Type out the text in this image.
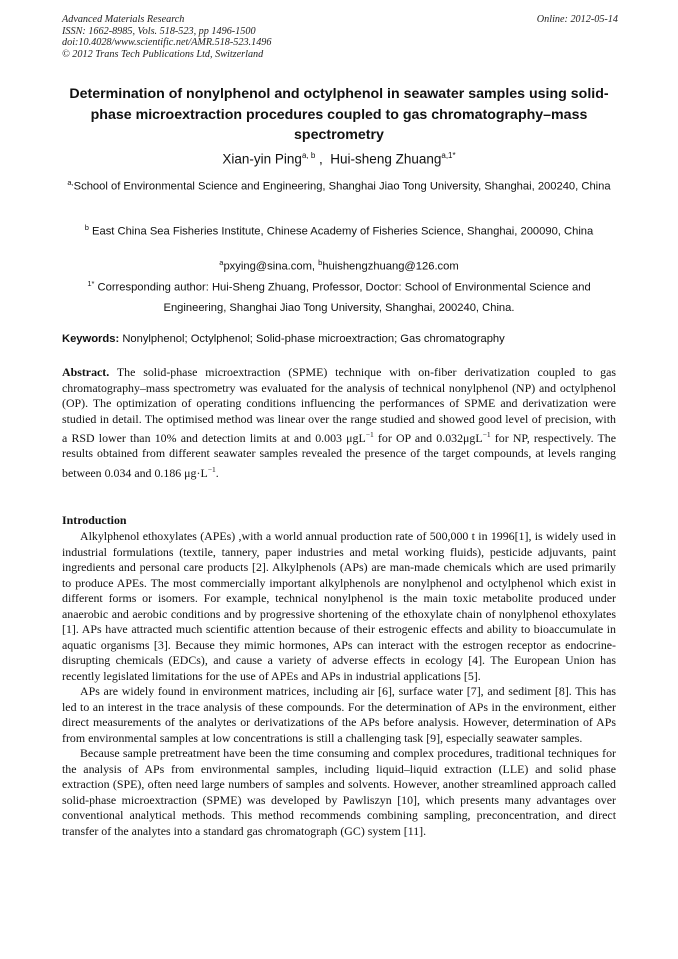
Advanced Materials Research
ISSN: 1662-8985, Vols. 518-523, pp 1496-1500
doi:10.4028/www.scientific.net/AMR.518-523.1496
© 2012 Trans Tech Publications Ltd, Switzerland
Online: 2012-05-14
Determination of nonylphenol and octylphenol in seawater samples using solid-phase microextraction procedures coupled to gas chromatography–mass spectrometry
Xian-yin Ping$^{a, b}$ ,  Hui-sheng Zhuang$^{a,1*}$
$^{a,}$School of Environmental Science and Engineering, Shanghai Jiao Tong University, Shanghai, 200240, China
$^b$ East China Sea Fisheries Institute, Chinese Academy of Fisheries Science, Shanghai, 200090, China
$^a$pxying@sina.com, $^b$huishengzhuang@126.com
$^{1*}$ Corresponding author: Hui-Sheng Zhuang, Professor, Doctor: School of Environmental Science and Engineering, Shanghai Jiao Tong University, Shanghai, 200240, China.
Keywords: Nonylphenol; Octylphenol; Solid-phase microextraction; Gas chromatography

Abstract. The solid-phase microextraction (SPME) technique with on-fiber derivatization coupled to gas chromatography–mass spectrometry was evaluated for the analysis of technical nonylphenol (NP) and octylphenol (OP). The optimization of operating conditions influencing the performances of SPME and derivatization were studied in detail. The optimised method was linear over the range studied and showed good level of precision, with a RSD lower than 10% and detection limits at and 0.003 μgL$^{-1}$ for OP and 0.032μgL$^{-1}$ for NP, respectively. The results obtained from different seawater samples revealed the presence of the target compounds, at levels ranging between 0.034 and 0.186 $\mu g\cdot L^{-1}$.

Introduction

Alkylphenol ethoxylates (APEs) ,with a world annual production rate of 500,000 t in 1996[1], is widely used in industrial formulations (textile, tannery, paper industries and metal working fluids), pesticide adjuvants, paint ingredients and personal care products [2]. Alkylphenols (APs) are man-made chemicals which are used primarily to produce APEs. The most commercially important alkylphenols are nonylphenol and octylphenol which exist in different forms or isomers. For example, technical nonylphenol is the main toxic metabolite produced under anaerobic and aerobic conditions and by progressive shortening of the ethoxylate chain of nonylphenol ethoxylates [1]. APs have attracted much scientific attention because of their estrogenic effects and ability to bioaccumulate in aquatic organisms [3]. Because they mimic hormones, APs can interact with the estrogen receptor as endocrine-disrupting chemicals (EDCs), and cause a variety of adverse effects in ecology [4]. The European Union has recently legislated limitations for the use of APEs and APs in industrial applications [5].

APs are widely found in environment matrices, including air [6], surface water [7], and sediment [8]. This has led to an interest in the trace analysis of these compounds. For the determination of APs in the environment, either direct measurements of the analytes or derivatizations of the APs before analysis. However, determination of APs from environmental samples at low concentrations is still a challenging task [9], especially seawater samples.

Because sample pretreatment have been the time consuming and complex procedures, traditional techniques for the analysis of APs from environmental samples, including liquid–liquid extraction (LLE) and solid phase extraction (SPE), often need large numbers of samples and solvents. However, another streamlined approach called solid-phase microextraction (SPME) was developed by Pawliszyn [10], which presents many advantages over conventional analytical methods. This method recommends combining sampling, preconcentration, and direct transfer of the analytes into a standard gas chromatograph (GC) system [11].
